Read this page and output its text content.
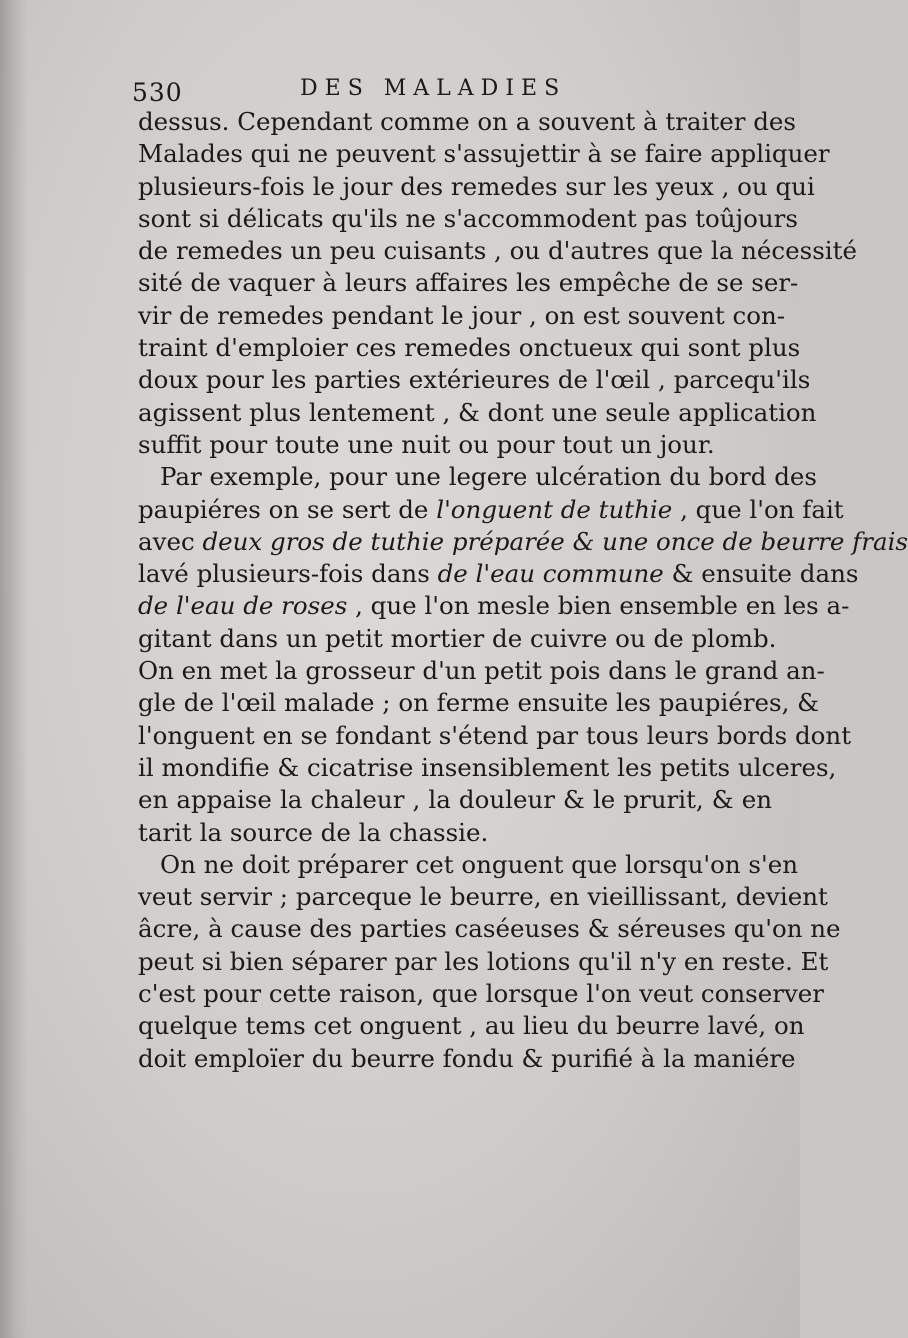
530	DES MALADIES
dessus. Cependant comme on a souvent à traiter des
Malades qui ne peuvent s'assujettir à se faire appliquer
plusieurs-fois le jour des remedes sur les yeux , ou qui
sont si délicats qu'ils ne s'accommodent pas toûjours
de remedes un peu cuisants , ou d'autres que la nécessité
sité de vaquer à leurs affaires les empêche de se ser-
vir de remedes pendant le jour , on est souvent con-
traint d'emploier ces remedes onctueux qui sont plus
doux pour les parties extérieures de l'œil , parcequ'ils
agissent plus lentement , & dont une seule application
suffit pour toute une nuit ou pour tout un jour.
Par exemple, pour une legere ulcération du bord des
paupiéres on se sert de l'onguent de tuthie , que l'on fait
avec deux gros de tuthie préparée & une once de beurre frais
lavé plusieurs-fois dans de l'eau commune & ensuite dans
de l'eau de roses , que l'on mesle bien ensemble en les a-
gitant dans un petit mortier de cuivre ou de plomb.
On en met la grosseur d'un petit pois dans le grand an-
gle de l'œil malade ; on ferme ensuite les paupiéres, &
l'onguent en se fondant s'étend par tous leurs bords dont
il mondifie & cicatrise insensiblement les petits ulceres,
en appaise la chaleur , la douleur & le prurit, & en
tarit la source de la chassie.
On ne doit préparer cet onguent que lorsqu'on s'en
veut servir ; parceque le beurre, en vieillissant, devient
âcre, à cause des parties caséeuses & séreuses qu'on ne
peut si bien séparer par les lotions qu'il n'y en reste. Et
c'est pour cette raison, que lorsque l'on veut conserver
quelque tems cet onguent , au lieu du beurre lavé, on
doit emploïer du beurre fondu & purifié à la maniére
